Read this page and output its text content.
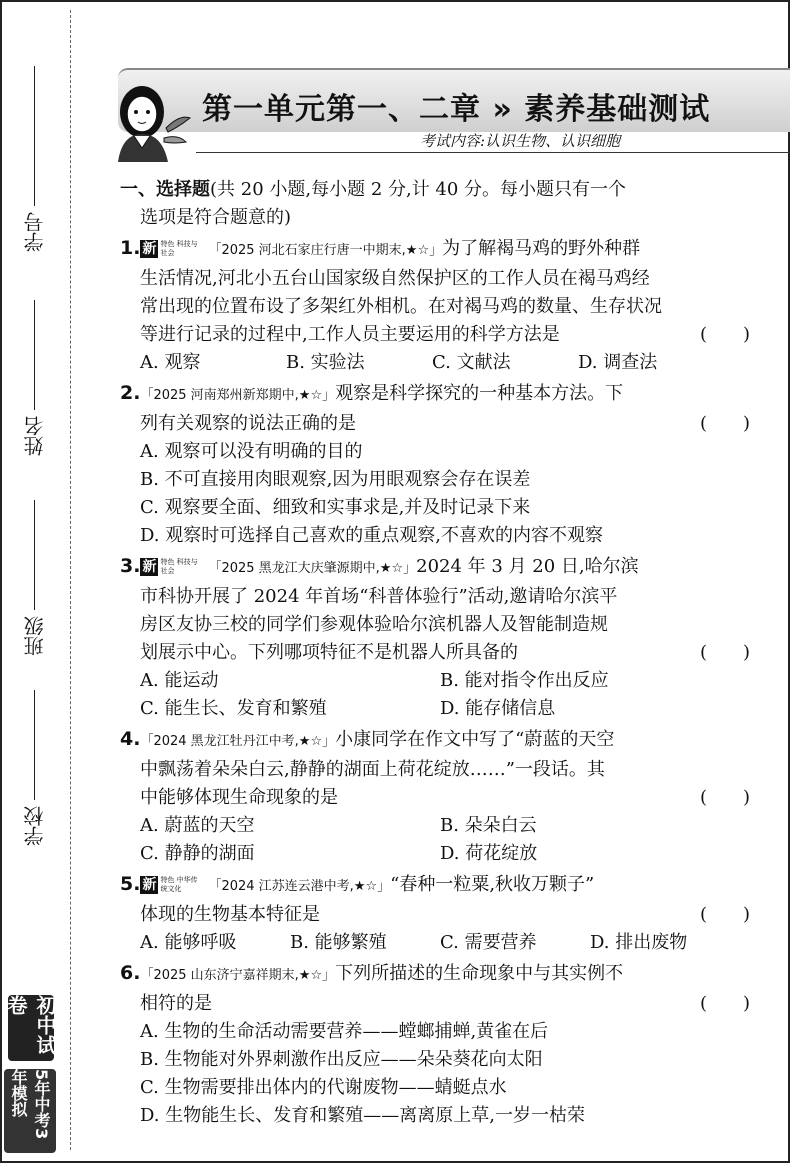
学号
姓名
班级
学校
初中试卷
5年中考3年模拟
第一单元第一、二章 » 素养基础测试
考试内容:认识生物、认识细胞
一、选择题(共 20 小题,每小题 2 分,计 40 分。每小题只有一个
选项是符合题意的)
1. 新 特色 科技与社会	「2025 河北石家庄行唐一中期末,★☆」为了解褐马鸡的野外种群
生活情况,河北小五台山国家级自然保护区的工作人员在褐马鸡经
常出现的位置布设了多架红外相机。在对褐马鸡的数量、生存状况
等进行记录的过程中,工作人员主要运用的科学方法是	(　　)
A. 观察	B. 实验法	C. 文献法	D. 调查法
2.「2025 河南郑州新郑期中,★☆」观察是科学探究的一种基本方法。下
列有关观察的说法正确的是	(　　)
A. 观察可以没有明确的目的
B. 不可直接用肉眼观察,因为用眼观察会存在误差
C. 观察要全面、细致和实事求是,并及时记录下来
D. 观察时可选择自己喜欢的重点观察,不喜欢的内容不观察
3. 新 特色 科技与社会	「2025 黑龙江大庆肇源期中,★☆」2024 年 3 月 20 日,哈尔滨
市科协开展了 2024 年首场“科普体验行”活动,邀请哈尔滨平
房区友协三校的同学们参观体验哈尔滨机器人及智能制造规
划展示中心。下列哪项特征不是机器人所具备的	(　　)
A. 能运动	B. 能对指令作出反应
C. 能生长、发育和繁殖	D. 能存储信息
4.「2024 黑龙江牡丹江中考,★☆」小康同学在作文中写了“蔚蓝的天空
中飘荡着朵朵白云,静静的湖面上荷花绽放……”一段话。其
中能够体现生命现象的是	(　　)
A. 蔚蓝的天空	B. 朵朵白云
C. 静静的湖面	D. 荷花绽放
5. 新 特色 中华传统文化 「2024 江苏连云港中考,★☆」“春种一粒粟,秋收万颗子”
体现的生物基本特征是	(　　)
A. 能够呼吸	B. 能够繁殖	C. 需要营养	D. 排出废物
6.「2025 山东济宁嘉祥期末,★☆」下列所描述的生命现象中与其实例不
相符的是	(　　)
A. 生物的生命活动需要营养——螳螂捕蝉,黄雀在后
B. 生物能对外界刺激作出反应——朵朵葵花向太阳
C. 生物需要排出体内的代谢废物——蜻蜓点水
D. 生物能生长、发育和繁殖——离离原上草,一岁一枯荣
